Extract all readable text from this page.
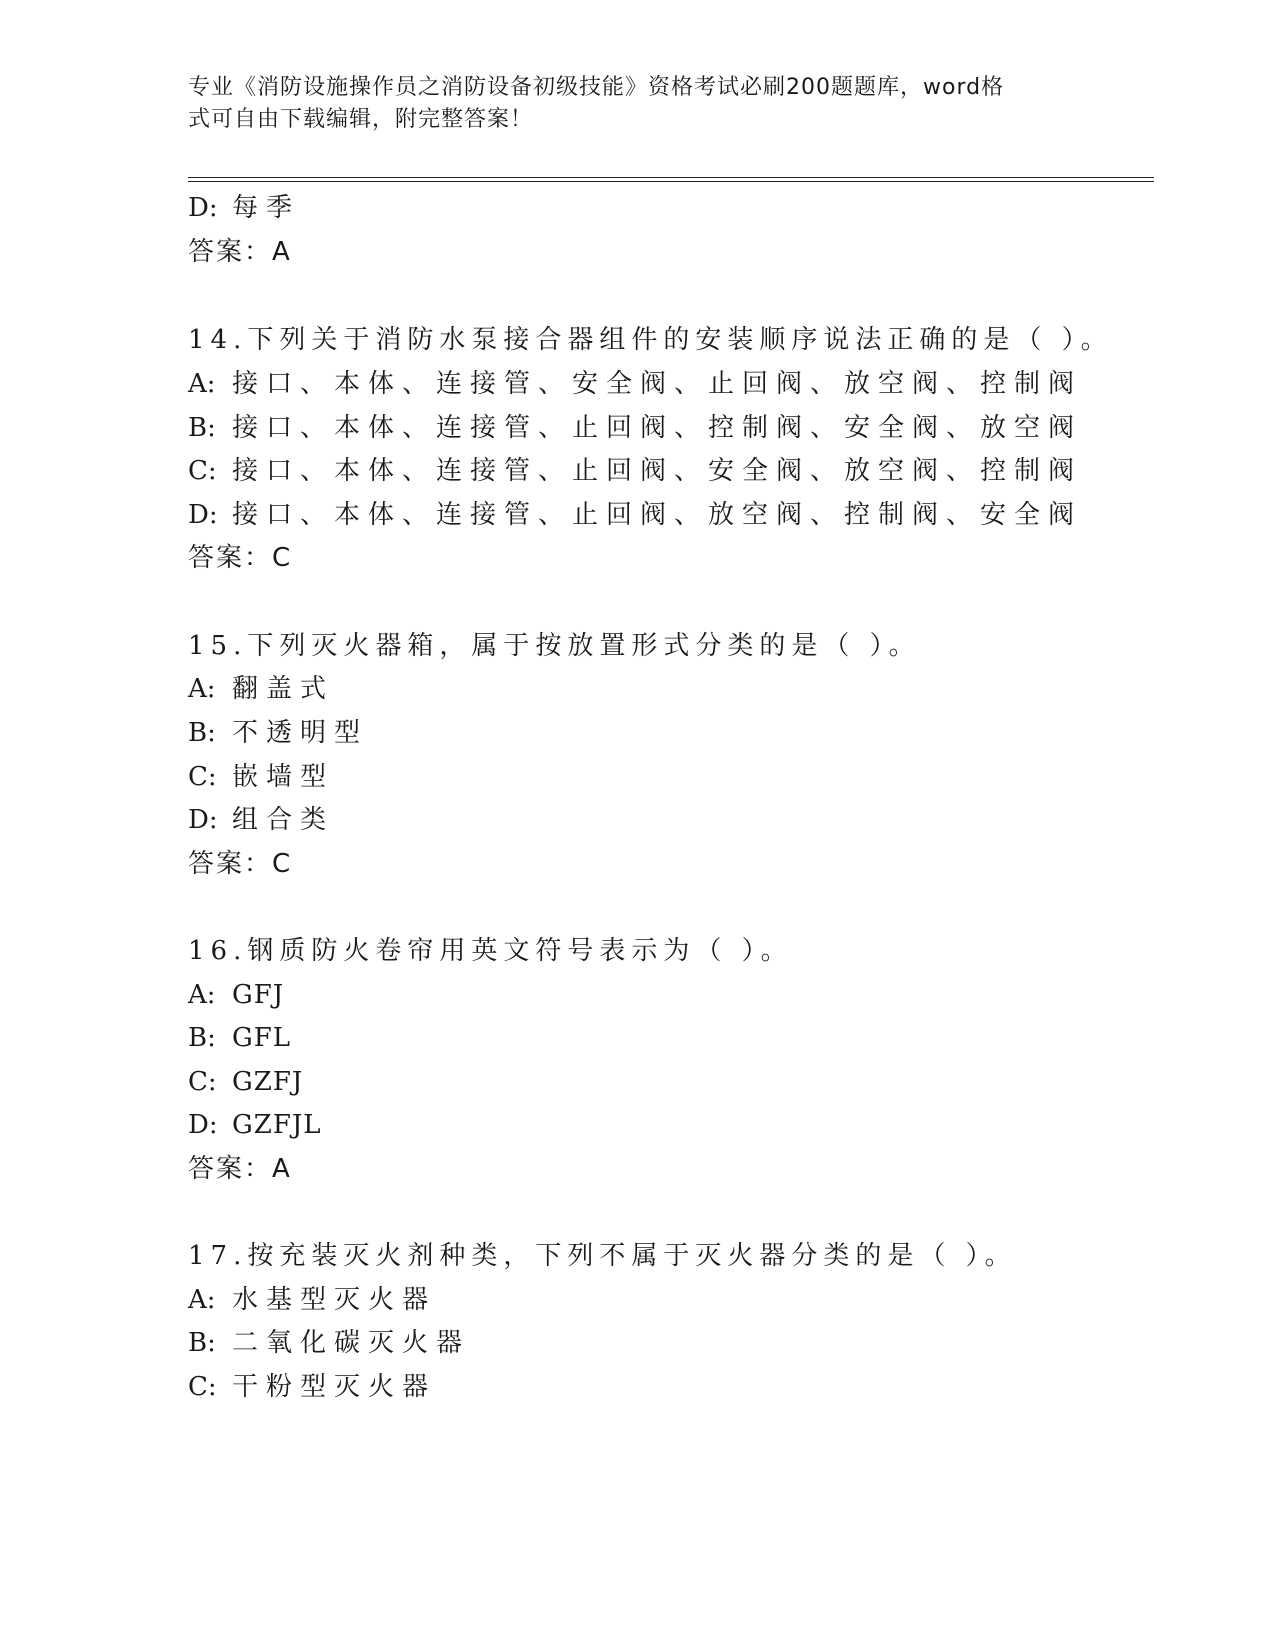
专业《消防设施操作员之消防设备初级技能》资格考试必刷200题题库，word格
式可自由下载编辑，附完整答案！
D: 每季
答案：A
14.下列关于消防水泵接合器组件的安装顺序说法正确的是（ ）。
A: 接口、本体、连接管、安全阀、止回阀、放空阀、控制阀
B: 接口、本体、连接管、止回阀、控制阀、安全阀、放空阀
C: 接口、本体、连接管、止回阀、安全阀、放空阀、控制阀
D: 接口、本体、连接管、止回阀、放空阀、控制阀、安全阀
答案：C
15.下列灭火器箱，属于按放置形式分类的是（ ）。
A: 翻盖式
B: 不透明型
C: 嵌墙型
D: 组合类
答案：C
16.钢质防火卷帘用英文符号表示为（ ）。
A: GFJ
B: GFL
C: GZFJ
D: GZFJL
答案：A
17.按充装灭火剂种类，下列不属于灭火器分类的是（ ）。
A: 水基型灭火器
B: 二氧化碳灭火器
C: 干粉型灭火器
